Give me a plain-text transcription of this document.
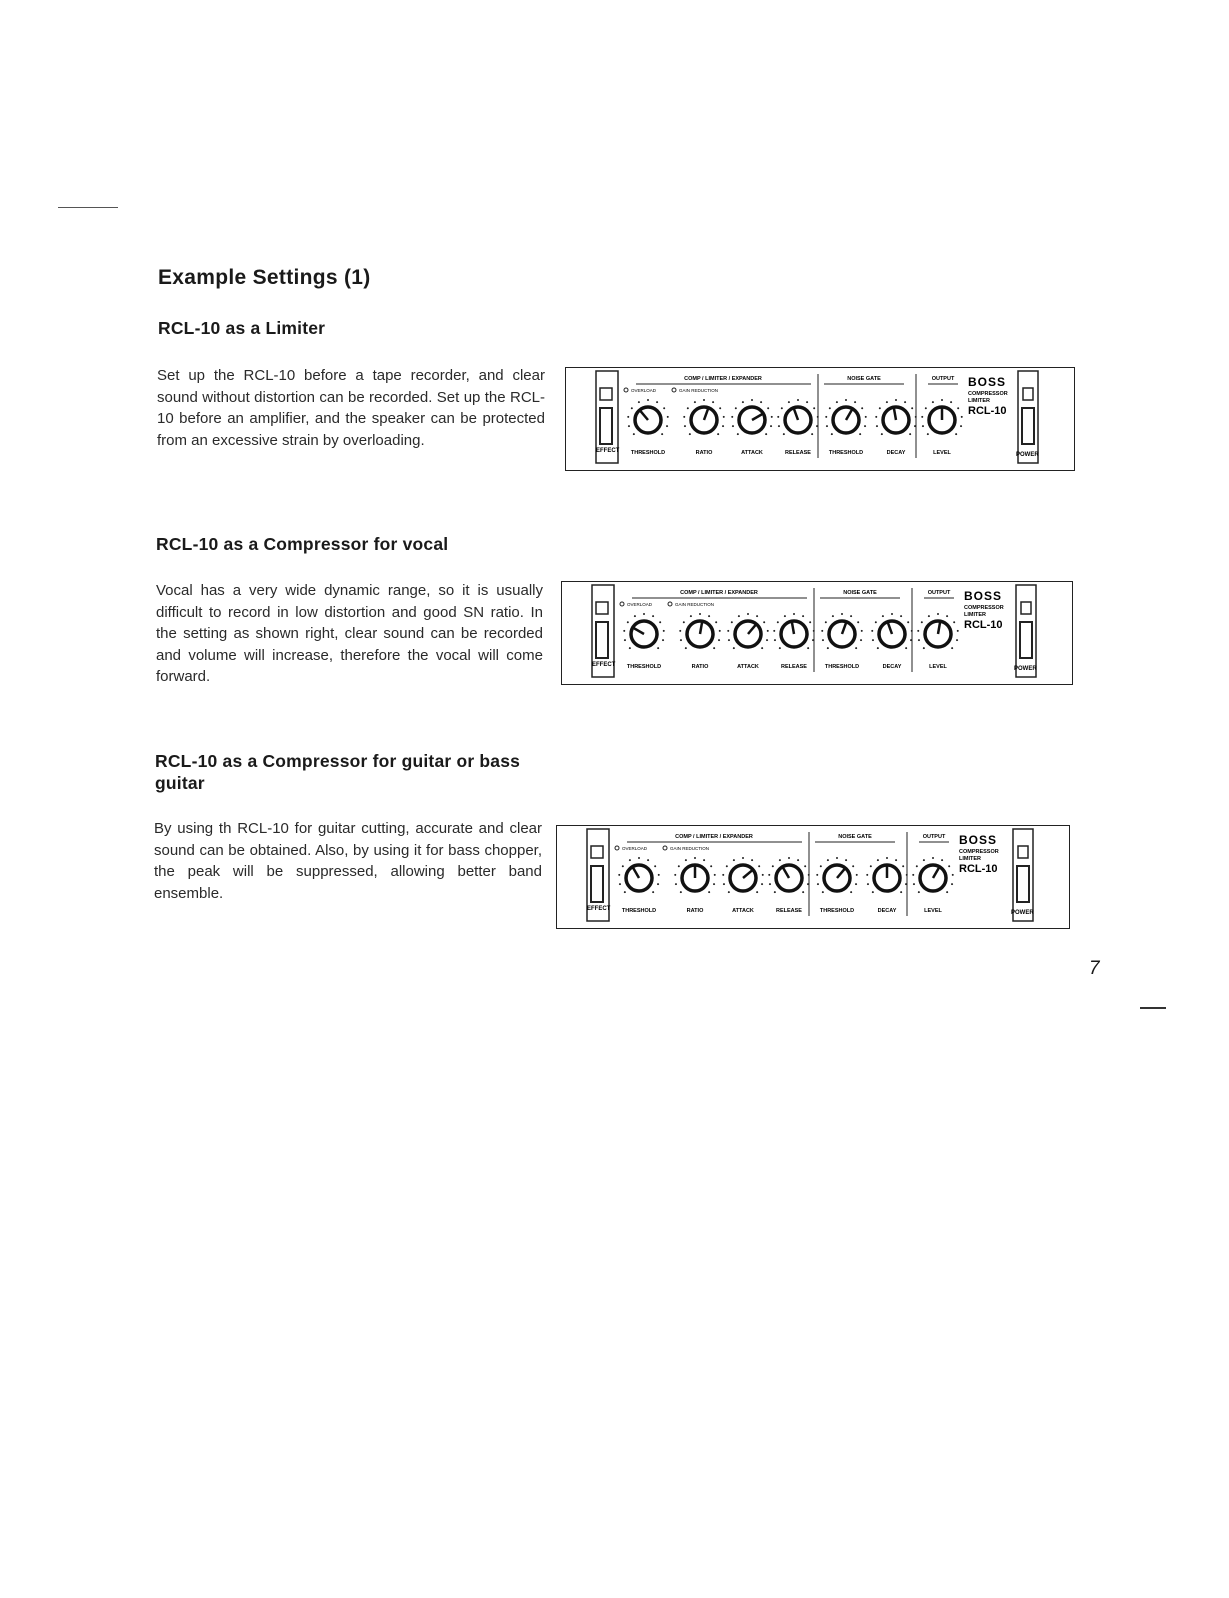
Example Settings (1)
RCL-10 as a Limiter
Set up the RCL-10 before a tape recorder, and clear sound without distortion can be recorded. Set up the RCL-10 before an amplifier, and the speaker can be protected from an excessive strain by overloading.
EFFECT
POWER
COMP / LIMITER / EXPANDER	NOISE GATE	OUTPUT
OVERLOAD	GAIN REDUCTION
THRESHOLD	RATIO	ATTACK	RELEASE	THRESHOLD	DECAY	LEVEL
BOSS
COMPRESSOR
LIMITER
RCL-10
RCL-10 as a Compressor for vocal
Vocal has a very wide dynamic range, so it is usually difficult to record in low distortion and good SN ratio. In the setting as shown right, clear sound can be recorded and volume will increase, therefore the vocal will come forward.
EFFECT
POWER
COMP / LIMITER / EXPANDER	NOISE GATE	OUTPUT
OVERLOAD	GAIN REDUCTION
THRESHOLD	RATIO	ATTACK	RELEASE	THRESHOLD	DECAY	LEVEL
BOSS
COMPRESSOR
LIMITER
RCL-10
RCL-10 as a Compressor for guitar or bass guitar
By using th RCL-10 for guitar cutting, accurate and clear sound can be obtained. Also, by using it for bass chopper, the peak will be suppressed, allowing better band ensemble.
EFFECT
POWER
COMP / LIMITER / EXPANDER	NOISE GATE	OUTPUT
OVERLOAD	GAIN REDUCTION
THRESHOLD	RATIO	ATTACK	RELEASE	THRESHOLD	DECAY	LEVEL
BOSS
COMPRESSOR
LIMITER
RCL-10
7
